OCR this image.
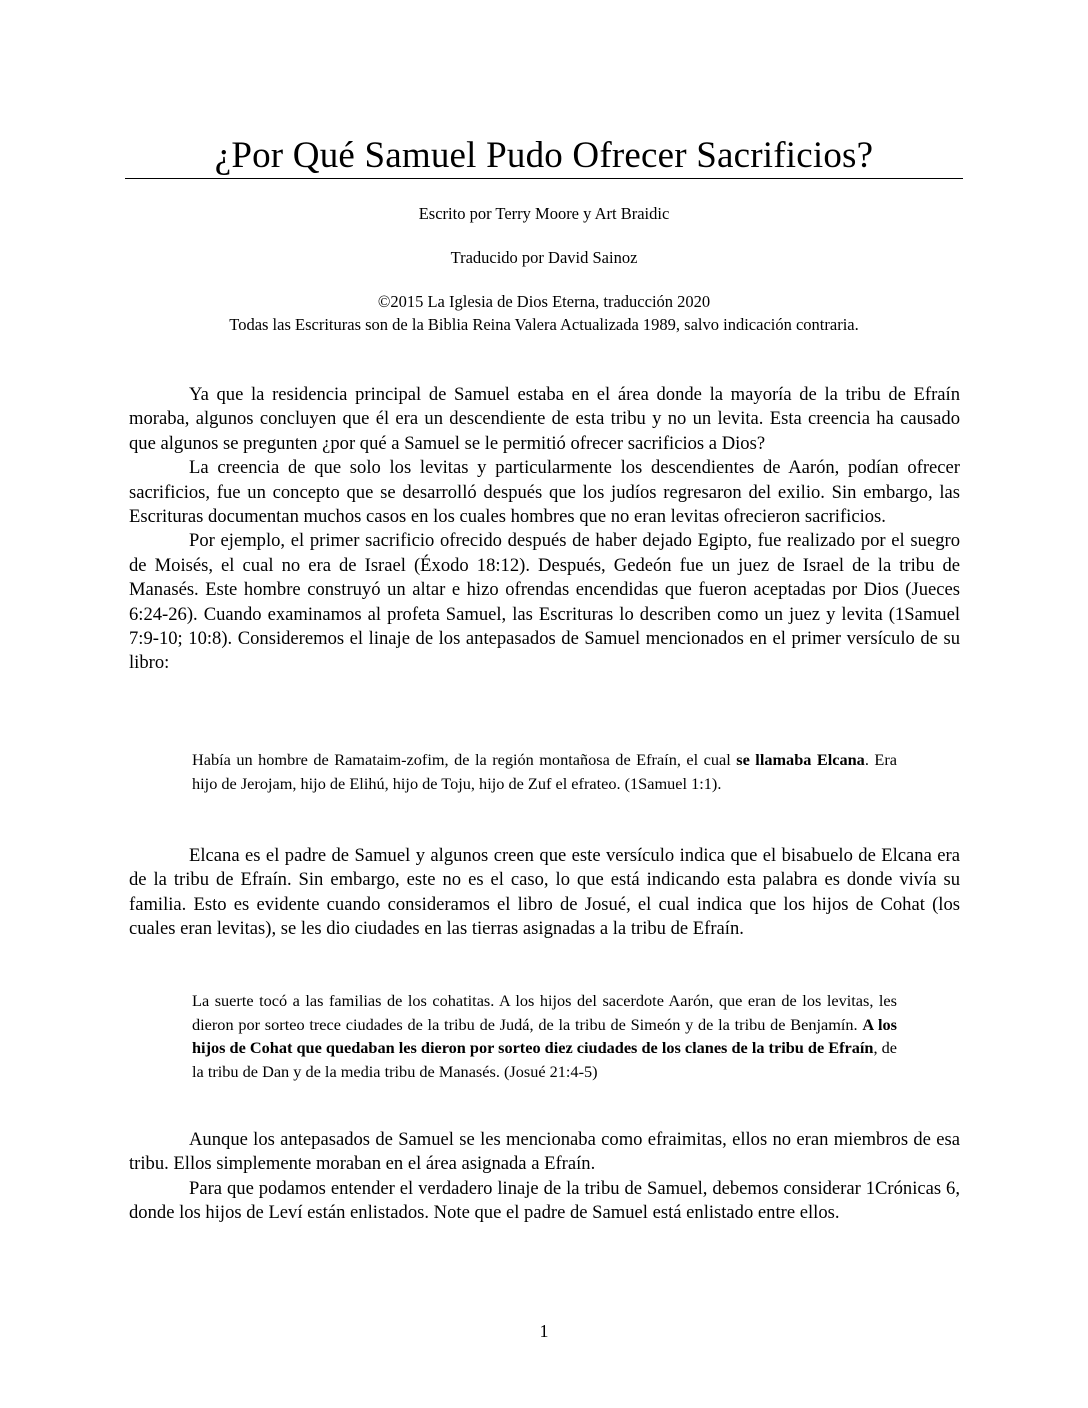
¿Por Qué Samuel Pudo Ofrecer Sacrificios?

Escrito por Terry Moore y Art Braidic

Traducido por David Sainoz

©2015 La Iglesia de Dios Eterna, traducción 2020

Todas las Escrituras son de la Biblia Reina Valera Actualizada 1989, salvo indicación contraria.

Ya que la residencia principal de Samuel estaba en el área donde la mayoría de la tribu de Efraín moraba, algunos concluyen que él era un descendiente de esta tribu y no un levita. Esta creencia ha causado que algunos se pregunten ¿por qué a Samuel se le permitió ofrecer sacrificios a Dios?

La creencia de que solo los levitas y particularmente los descendientes de Aarón, podían ofrecer sacrificios, fue un concepto que se desarrolló después que los judíos regresaron del exilio. Sin embargo, las Escrituras documentan muchos casos en los cuales hombres que no eran levitas ofrecieron sacrificios.

Por ejemplo, el primer sacrificio ofrecido después de haber dejado Egipto, fue realizado por el suegro de Moisés, el cual no era de Israel (Éxodo 18:12). Después, Gedeón fue un juez de Israel de la tribu de Manasés. Este hombre construyó un altar e hizo ofrendas encendidas que fueron aceptadas por Dios (Jueces 6:24-26). Cuando examinamos al profeta Samuel, las Escrituras lo describen como un juez y levita (1Samuel 7:9-10; 10:8). Consideremos el linaje de los antepasados de Samuel mencionados en el primer versículo de su libro:

Había un hombre de Ramataim-zofim, de la región montañosa de Efraín, el cual se llamaba Elcana. Era hijo de Jerojam, hijo de Elihú, hijo de Toju, hijo de Zuf el efrateo. (1Samuel 1:1).

Elcana es el padre de Samuel y algunos creen que este versículo indica que el bisabuelo de Elcana era de la tribu de Efraín. Sin embargo, este no es el caso, lo que está indicando esta palabra es donde vivía su familia. Esto es evidente cuando consideramos el libro de Josué, el cual indica que los hijos de Cohat (los cuales eran levitas), se les dio ciudades en las tierras asignadas a la tribu de Efraín.

La suerte tocó a las familias de los cohatitas. A los hijos del sacerdote Aarón, que eran de los levitas, les dieron por sorteo trece ciudades de la tribu de Judá, de la tribu de Simeón y de la tribu de Benjamín. A los hijos de Cohat que quedaban les dieron por sorteo diez ciudades de los clanes de la tribu de Efraín, de la tribu de Dan y de la media tribu de Manasés. (Josué 21:4-5)

Aunque los antepasados de Samuel se les mencionaba como efraimitas, ellos no eran miembros de esa tribu. Ellos simplemente moraban en el área asignada a Efraín.

Para que podamos entender el verdadero linaje de la tribu de Samuel, debemos considerar 1Crónicas 6, donde los hijos de Leví están enlistados. Note que el padre de Samuel está enlistado entre ellos.

1
